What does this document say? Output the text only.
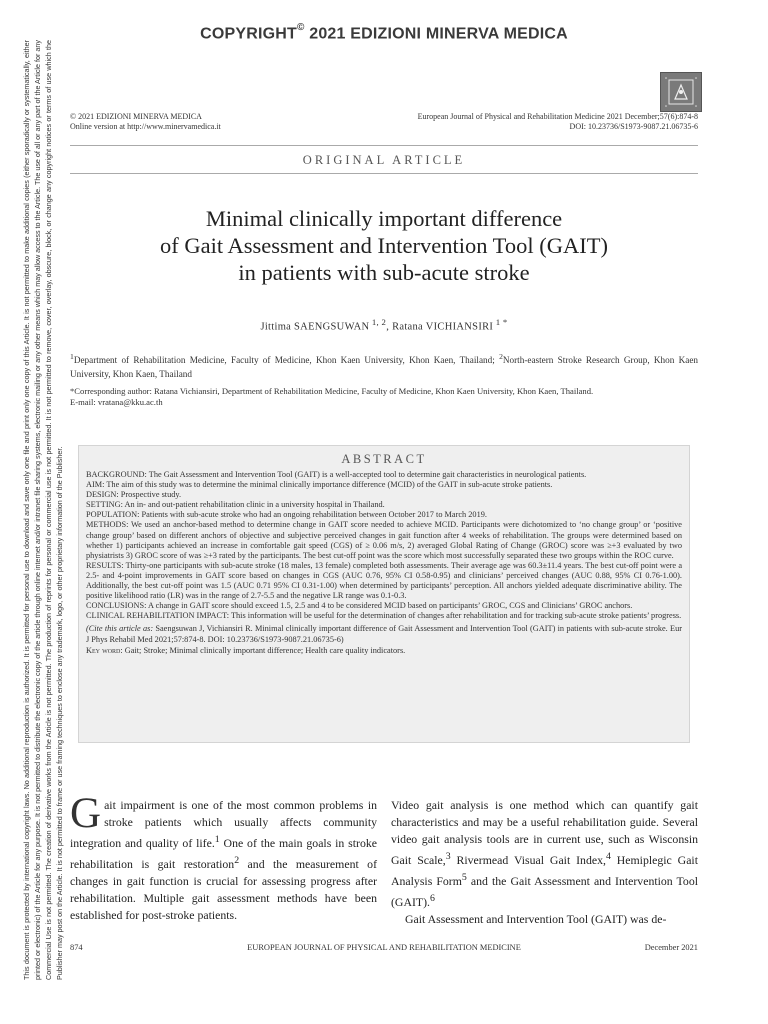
COPYRIGHT© 2021 EDIZIONI MINERVA MEDICA
This document is protected by international copyright laws. No additional reproduction is authorized. It is permitted for personal use to download and save only one file and print only one copy of this Article. It is not permitted to make additional copies (either sporadically or systematically, either printed or electronic) of the Article for any purpose. It is not permitted to distribute the electronic copy of the article through online internet and/or intranet file sharing systems, electronic mailing or any other means which may allow access to the Article. The use of all or any part of the Article for any Commercial Use is not permitted. The creation of derivative works from the Article is not permitted. The production of reprints for personal or commercial use is not permitted. It is not permitted to remove, cover, overlay, obscure, block, or change any copyright notices or terms of use which the Publisher may post on the Article. It is not permitted to frame or use framing techniques to enclose any trademark, logo, or other proprietary information of the Publisher.
© 2021 EDIZIONI MINERVA MEDICA
Online version at http://www.minervamedica.it
European Journal of Physical and Rehabilitation Medicine 2021 December;57(6):874-8
DOI: 10.23736/S1973-9087.21.06735-6
ORIGINAL ARTICLE
Minimal clinically important difference
of Gait Assessment and Intervention Tool (GAIT)
in patients with sub-acute stroke
Jittima SAENGSUWAN $^{1, 2}$, Ratana VICHIANSIRI $^{1 *}$
$^1$Department of Rehabilitation Medicine, Faculty of Medicine, Khon Kaen University, Khon Kaen, Thailand; $^2$North-eastern Stroke Research Group, Khon Kaen University, Khon Kaen, Thailand
*Corresponding author: Ratana Vichiansiri, Department of Rehabilitation Medicine, Faculty of Medicine, Khon Kaen University, Khon Kaen, Thailand.
E-mail: vratana@kku.ac.th
ABSTRACT

BACKGROUND: The Gait Assessment and Intervention Tool (GAIT) is a well-accepted tool to determine gait characteristics in neurological patients.

AIM: The aim of this study was to determine the minimal clinically importance difference (MCID) of the GAIT in sub-acute stroke patients.

DESIGN: Prospective study.

SETTING: An in- and out-patient rehabilitation clinic in a university hospital in Thailand.

POPULATION: Patients with sub-acute stroke who had an ongoing rehabilitation between October 2017 to March 2019.

METHODS: We used an anchor-based method to determine change in GAIT score needed to achieve MCID. Participants were dichotomized to ‘no change group’ or ‘positive change group’ based on different anchors of objective and subjective perceived changes in gait function after 4 weeks of rehabilitation. The groups were determined based on whether 1) participants achieved an increase in comfortable gait speed (CGS) of ≥ 0.06 m/s, 2) averaged Global Rating of Change (GROC) score was ≥+3 evaluated by two physiatrists 3) GROC score of was ≥+3 rated by the participants. The best cut-off point was the score which most successfully separated these two groups within the ROC curve.

RESULTS: Thirty-one participants with sub-acute stroke (18 males, 13 female) completed both assessments. Their average age was 60.3±11.4 years. The best cut-off point were a 2.5- and 4-point improvements in GAIT score based on changes in CGS (AUC 0.76, 95% CI 0.58-0.95) and clinicians’ perceived changes (AUC 0.88, 95% CI 0.76-1.00). Additionally, the best cut-off point was 1.5 (AUC 0.71 95% CI 0.31-1.00) when determined by participants’ perception. All anchors yielded adequate discriminative ability. The positive likelihood ratio (LR) was in the range of 2.7-5.5 and the negative LR range was 0.1-0.3.

CONCLUSIONS: A change in GAIT score should exceed 1.5, 2.5 and 4 to be considered MCID based on participants’ GROC, CGS and Clinicians’ GROC anchors.

CLINICAL REHABILITATION IMPACT: This information will be useful for the determination of changes after rehabilitation and for tracking sub-acute stroke patients’ progress.

(Cite this article as: Saengsuwan J, Vichiansiri R. Minimal clinically important difference of Gait Assessment and Intervention Tool (GAIT) in patients with sub-acute stroke. Eur J Phys Rehabil Med 2021;57:874-8. DOI: 10.23736/S1973-9087.21.06735-6)

Key word: Gait; Stroke; Minimal clinically important difference; Health care quality indicators.

Gait impairment is one of the most common problems in stroke patients which usually affects community integration and quality of life.$^1$ One of the main goals in stroke rehabilitation is gait restoration$^2$ and the measurement of changes in gait function is crucial for assessing progress after rehabilitation. Multiple gait assessment methods have been established for post-stroke patients.

Video gait analysis is one method which can quantify gait characteristics and may be a useful rehabilitation guide. Several video gait analysis tools are in current use, such as Wisconsin Gait Scale,$^3$ Rivermead Visual Gait Index,$^4$ Hemiplegic Gait Analysis Form$^5$ and the Gait Assessment and Intervention Tool (GAIT).$^6$

Gait Assessment and Intervention Tool (GAIT) was de-

874	EUROPEAN JOURNAL OF PHYSICAL AND REHABILITATION MEDICINE	December 2021
